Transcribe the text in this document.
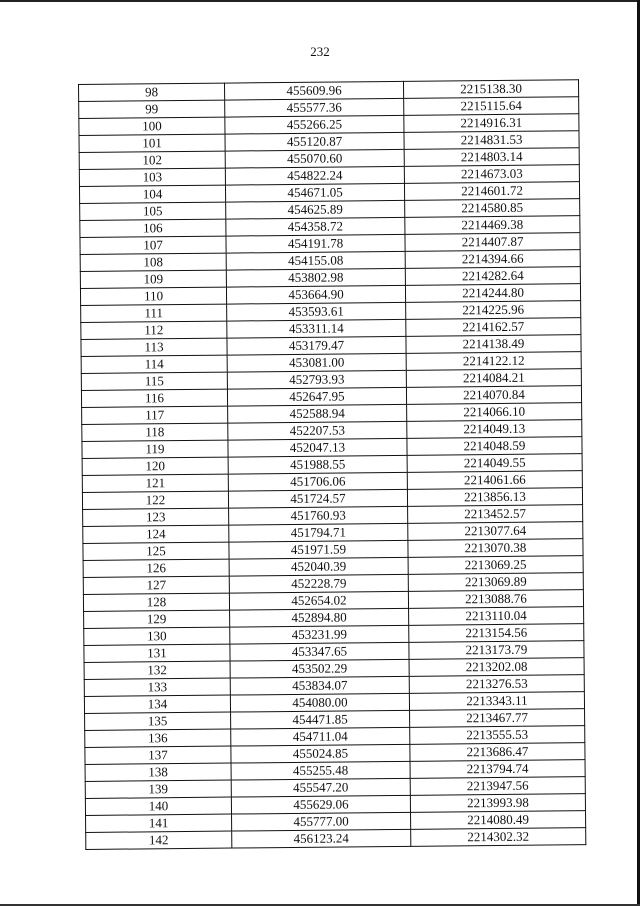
232
98	455609.96	2215138.30
99	455577.36	2215115.64
100	455266.25	2214916.31
101	455120.87	2214831.53
102	455070.60	2214803.14
103	454822.24	2214673.03
104	454671.05	2214601.72
105	454625.89	2214580.85
106	454358.72	2214469.38
107	454191.78	2214407.87
108	454155.08	2214394.66
109	453802.98	2214282.64
110	453664.90	2214244.80
111	453593.61	2214225.96
112	453311.14	2214162.57
113	453179.47	2214138.49
114	453081.00	2214122.12
115	452793.93	2214084.21
116	452647.95	2214070.84
117	452588.94	2214066.10
118	452207.53	2214049.13
119	452047.13	2214048.59
120	451988.55	2214049.55
121	451706.06	2214061.66
122	451724.57	2213856.13
123	451760.93	2213452.57
124	451794.71	2213077.64
125	451971.59	2213070.38
126	452040.39	2213069.25
127	452228.79	2213069.89
128	452654.02	2213088.76
129	452894.80	2213110.04
130	453231.99	2213154.56
131	453347.65	2213173.79
132	453502.29	2213202.08
133	453834.07	2213276.53
134	454080.00	2213343.11
135	454471.85	2213467.77
136	454711.04	2213555.53
137	455024.85	2213686.47
138	455255.48	2213794.74
139	455547.20	2213947.56
140	455629.06	2213993.98
141	455777.00	2214080.49
142	456123.24	2214302.32
